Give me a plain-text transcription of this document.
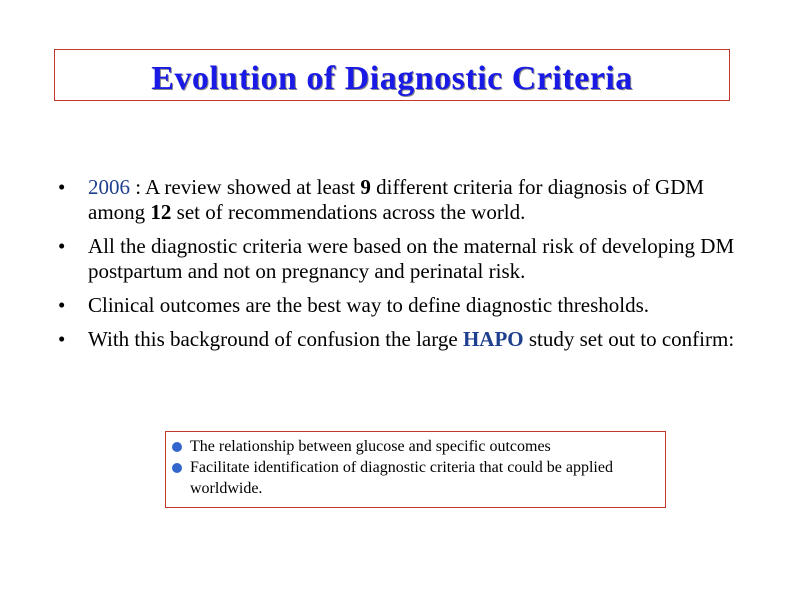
Evolution of Diagnostic Criteria
• 2006 : A review showed at least 9 different criteria for diagnosis of GDM among 12 set of recommendations across the world.
• All the diagnostic criteria were based on the maternal risk of developing DM postpartum and not on pregnancy and perinatal risk.
• Clinical outcomes are the best way to define diagnostic thresholds.
• With this background of confusion the large HAPO study set out to confirm:
The relationship between glucose and specific outcomes
Facilitate identification of diagnostic criteria that could be applied worldwide.
